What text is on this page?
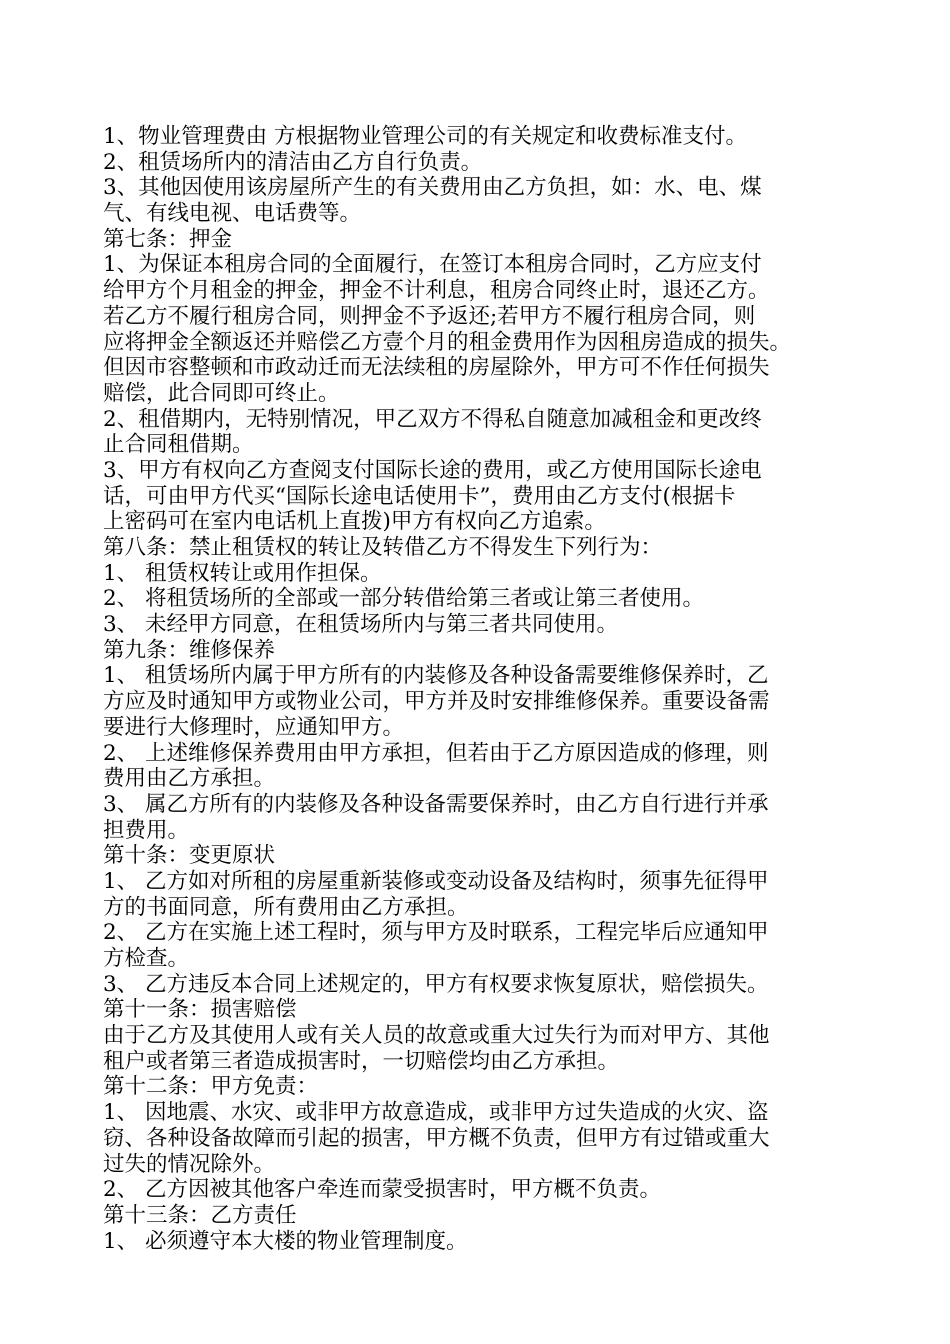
1、物业管理费由 方根据物业管理公司的有关规定和收费标准支付。
2、租赁场所内的清洁由乙方自行负责。
3、其他因使用该房屋所产生的有关费用由乙方负担，如：水、电、煤
气、有线电视、电话费等。
第七条：押金
1、为保证本租房合同的全面履行，在签订本租房合同时，乙方应支付
给甲方个月租金的押金，押金不计利息，租房合同终止时，退还乙方。
若乙方不履行租房合同，则押金不予返还;若甲方不履行租房合同，则
应将押金全额返还并赔偿乙方壹个月的租金费用作为因租房造成的损失。
但因市容整顿和市政动迁而无法续租的房屋除外，甲方可不作任何损失
赔偿，此合同即可终止。
2、租借期内，无特别情况，甲乙双方不得私自随意加减租金和更改终
止合同租借期。
3、甲方有权向乙方查阅支付国际长途的费用，或乙方使用国际长途电
话，可由甲方代买“国际长途电话使用卡”，费用由乙方支付(根据卡
上密码可在室内电话机上直拨)甲方有权向乙方追索。
第八条：禁止租赁权的转让及转借乙方不得发生下列行为：
1、 租赁权转让或用作担保。
2、 将租赁场所的全部或一部分转借给第三者或让第三者使用。
3、 未经甲方同意，在租赁场所内与第三者共同使用。
第九条：维修保养
1、 租赁场所内属于甲方所有的内装修及各种设备需要维修保养时，乙
方应及时通知甲方或物业公司，甲方并及时安排维修保养。重要设备需
要进行大修理时，应通知甲方。
2、 上述维修保养费用由甲方承担，但若由于乙方原因造成的修理，则
费用由乙方承担。
3、 属乙方所有的内装修及各种设备需要保养时，由乙方自行进行并承
担费用。
第十条：变更原状
1、 乙方如对所租的房屋重新装修或变动设备及结构时，须事先征得甲
方的书面同意，所有费用由乙方承担。
2、 乙方在实施上述工程时，须与甲方及时联系，工程完毕后应通知甲
方检查。
3、 乙方违反本合同上述规定的，甲方有权要求恢复原状，赔偿损失。
第十一条：损害赔偿
由于乙方及其使用人或有关人员的故意或重大过失行为而对甲方、其他
租户或者第三者造成损害时，一切赔偿均由乙方承担。
第十二条：甲方免责：
1、 因地震、水灾、或非甲方故意造成，或非甲方过失造成的火灾、盗
窃、各种设备故障而引起的损害，甲方概不负责，但甲方有过错或重大
过失的情况除外。
2、 乙方因被其他客户牵连而蒙受损害时，甲方概不负责。
第十三条：乙方责任
1、 必须遵守本大楼的物业管理制度。
